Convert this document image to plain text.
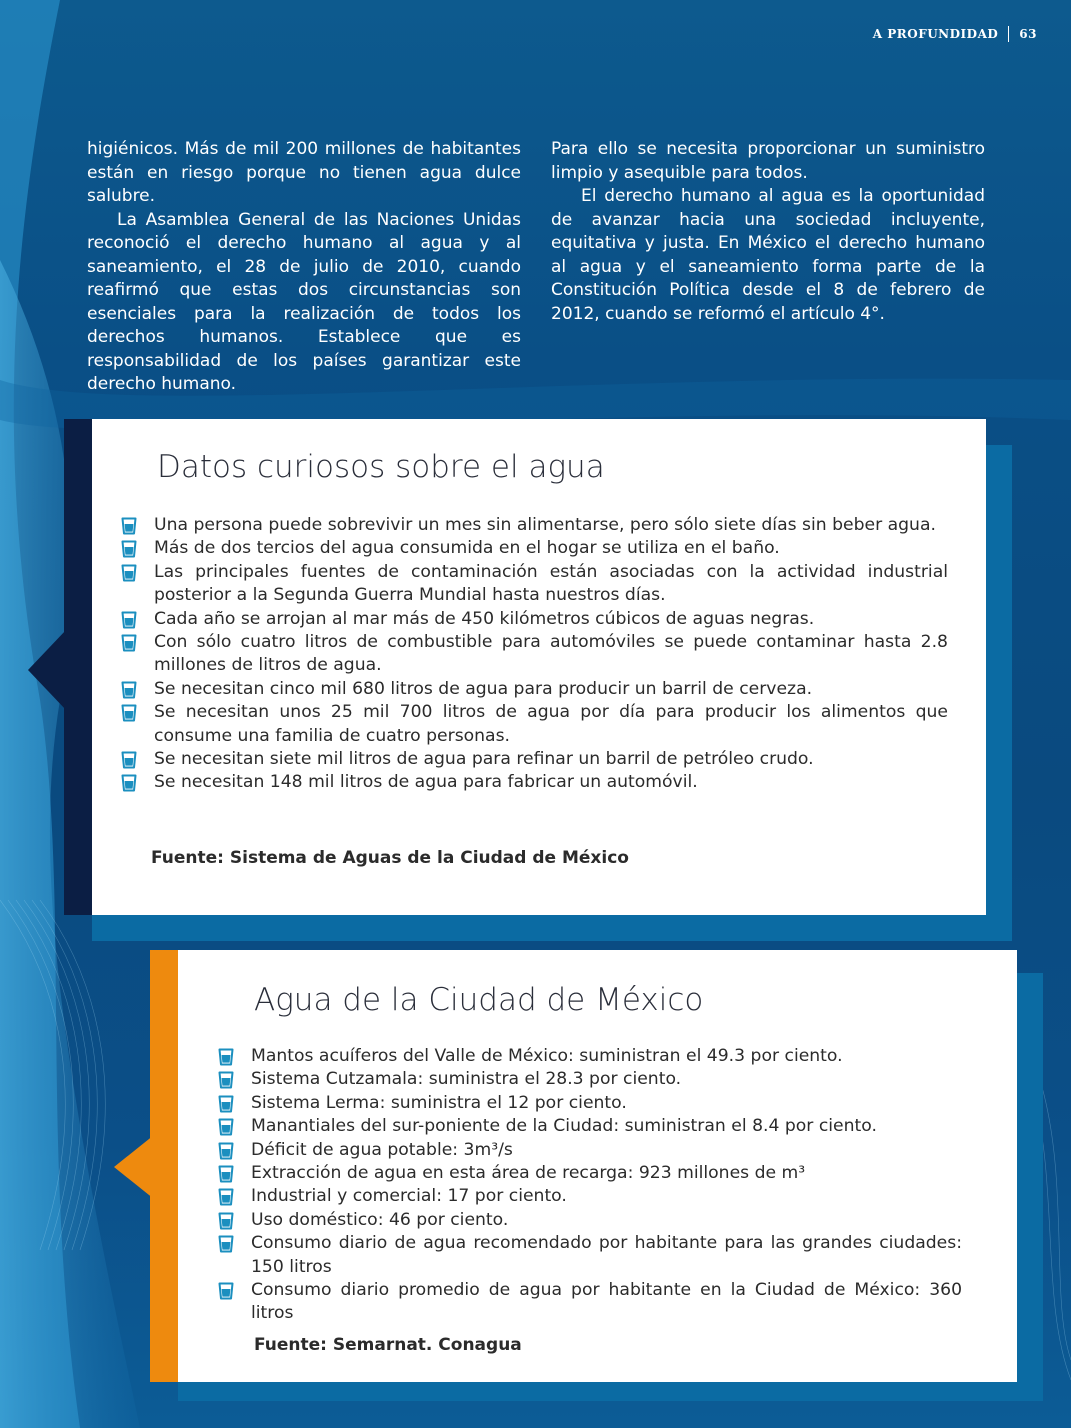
A PROFUNDIDAD 63

higiénicos. Más de mil 200 millones de habitantes están en riesgo porque no tienen agua dulce salubre.

La Asamblea General de las Naciones Unidas reconoció el derecho humano al agua y al saneamiento, el 28 de julio de 2010, cuando reafirmó que estas dos circunstancias son esenciales para la realización de todos los derechos humanos. Establece que es responsabilidad de los países garantizar este derecho humano.

Para ello se necesita proporcionar un suministro limpio y asequible para todos.

El derecho humano al agua es la oportunidad de avanzar hacia una sociedad incluyente, equitativa y justa. En México el derecho humano al agua y el saneamiento forma parte de la Constitución Política desde el 8 de febrero de 2012, cuando se reformó el artículo 4°.

Datos curiosos sobre el agua
Una persona puede sobrevivir un mes sin alimentarse, pero sólo siete días sin beber agua.
Más de dos tercios del agua consumida en el hogar se utiliza en el baño.
Las principales fuentes de contaminación están asociadas con la actividad industrial posterior a la Segunda Guerra Mundial hasta nuestros días.
Cada año se arrojan al mar más de 450 kilómetros cúbicos de aguas negras.
Con sólo cuatro litros de combustible para automóviles se puede contaminar hasta 2.8 millones de litros de agua.
Se necesitan cinco mil 680 litros de agua para producir un barril de cerveza.
Se necesitan unos 25 mil 700 litros de agua por día para producir los alimentos que consume una familia de cuatro personas.
Se necesitan siete mil litros de agua para refinar un barril de petróleo crudo.
Se necesitan 148 mil litros de agua para fabricar un automóvil.
Fuente: Sistema de Aguas de la Ciudad de México
Agua de la Ciudad de México
Mantos acuíferos del Valle de México: suministran el 49.3 por ciento.
Sistema Cutzamala: suministra el 28.3 por ciento.
Sistema Lerma: suministra el 12 por ciento.
Manantiales del sur-poniente de la Ciudad: suministran el 8.4 por ciento.
Déficit de agua potable: 3m³/s
Extracción de agua en esta área de recarga: 923 millones de m³
Industrial y comercial: 17 por ciento.
Uso doméstico: 46 por ciento.
Consumo diario de agua recomendado por habitante para las grandes ciudades: 150 litros
Consumo diario promedio de agua por habitante en la Ciudad de México: 360 litros
Fuente: Semarnat. Conagua
